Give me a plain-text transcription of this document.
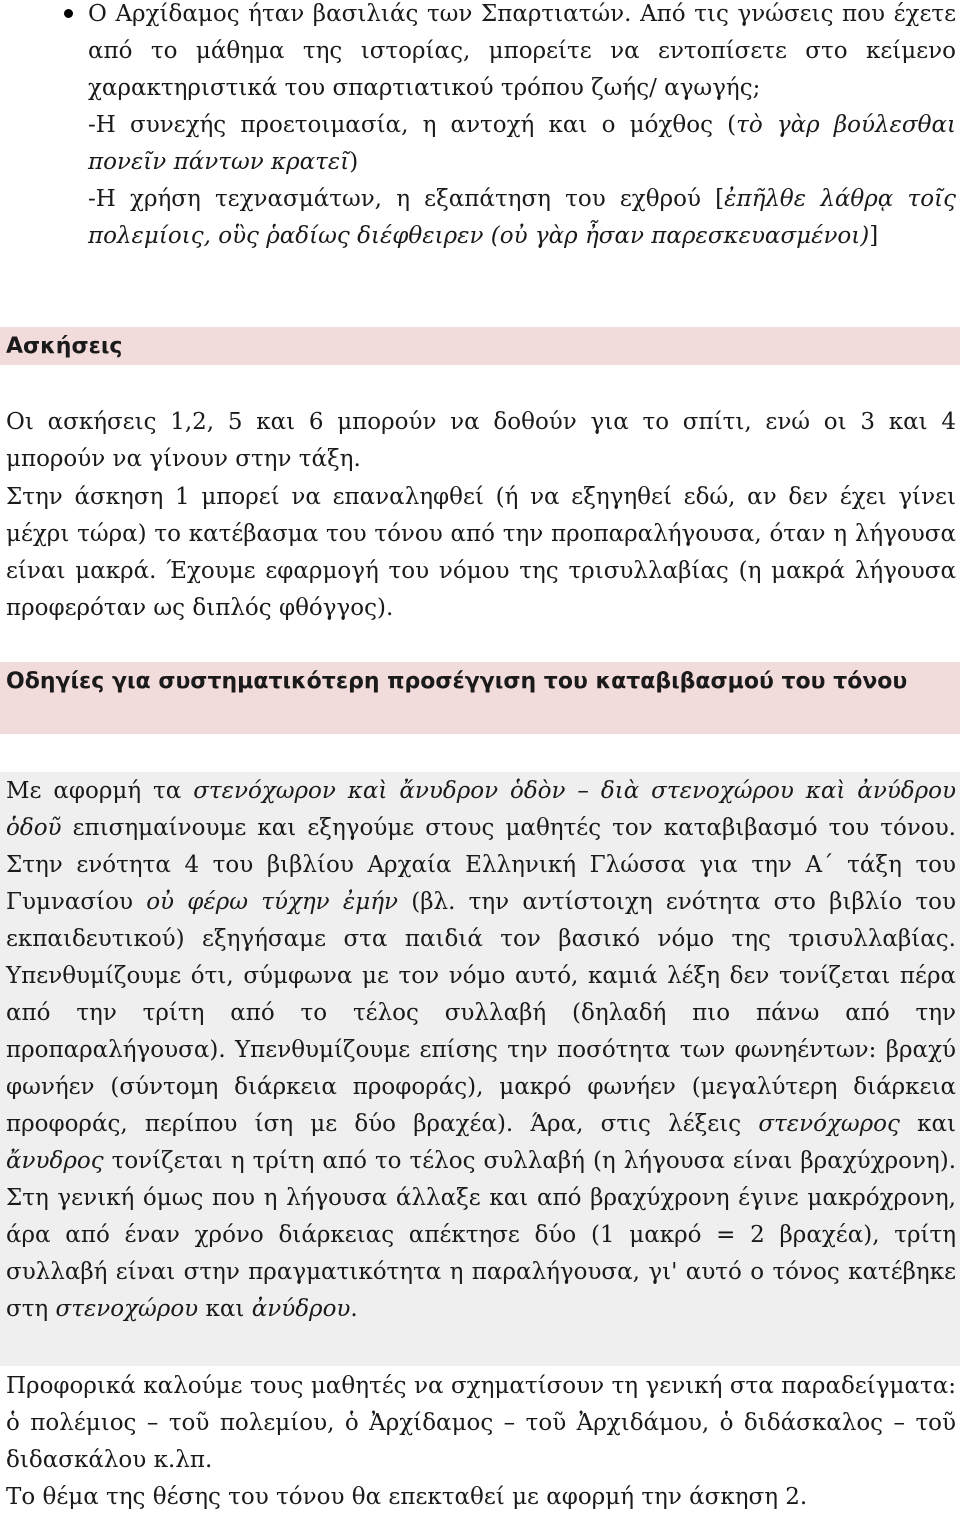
Ο Αρχίδαμος ήταν βασιλιάς των Σπαρτιατών. Από τις γνώσεις που έχετε από το μάθημα της ιστορίας, μπορείτε να εντοπίσετε στο κείμενο χαρακτηριστικά του σπαρτιατικού τρόπου ζωής/ αγωγής;

-Η συνεχής προετοιμασία, η αντοχή και ο μόχθος (τὸ γὰρ βούλεσθαι πονεῖν πάντων κρατεῖ)

-Η χρήση τεχνασμάτων, η εξαπάτηση του εχθρού [ἐπῆλθε λάθρᾳ τοῖς πολεμίοις, οὓς ῥαδίως διέφθειρεν (οὐ γὰρ ἦσαν παρεσκευασμένοι)]

Ασκήσεις

Οι ασκήσεις 1,2, 5 και 6 μπορούν να δοθούν για το σπίτι, ενώ οι 3 και 4 μπορούν να γίνουν στην τάξη.

Στην άσκηση 1 μπορεί να επαναληφθεί (ή να εξηγηθεί εδώ, αν δεν έχει γίνει μέχρι τώρα) το κατέβασμα του τόνου από την προπαραλήγουσα, όταν η λήγουσα είναι μακρά. Έχουμε εφαρμογή του νόμου της τρισυλλαβίας (η μακρά λήγουσα προφερόταν ως διπλός φθόγγος).

Οδηγίες για συστηματικότερη προσέγγιση του καταβιβασμού του τόνου

Με αφορμή τα στενόχωρον καὶ ἄνυδρον ὁδὸν – διὰ στενοχώρου καὶ ἀνύδρου ὁδοῦ επισημαίνουμε και εξηγούμε στους μαθητές τον καταβιβασμό του τόνου. Στην ενότητα 4 του βιβλίου Αρχαία Ελληνική Γλώσσα για την Α΄ τάξη του Γυμνασίου οὐ φέρω τύχην ἐμήν (βλ. την αντίστοιχη ενότητα στο βιβλίο του εκπαιδευτικού) εξηγήσαμε στα παιδιά τον βασικό νόμο της τρισυλλαβίας. Υπενθυμίζουμε ότι, σύμφωνα με τον νόμο αυτό, καμιά λέξη δεν τονίζεται πέρα από την τρίτη από το τέλος συλλαβή (δηλαδή πιο πάνω από την προπαραλήγουσα). Υπενθυμίζουμε επίσης την ποσότητα των φωνηέντων: βραχύ φωνήεν (σύντομη διάρκεια προφοράς), μακρό φωνήεν (μεγαλύτερη διάρκεια προφοράς, περίπου ίση με δύο βραχέα). Άρα, στις λέξεις στενόχωρος και ἄνυδρος τονίζεται η τρίτη από το τέλος συλλαβή (η λήγουσα είναι βραχύχρονη). Στη γενική όμως που η λήγουσα άλλαξε και από βραχύχρονη έγινε μακρόχρονη, άρα από έναν χρόνο διάρκειας απέκτησε δύο (1 μακρό = 2 βραχέα), τρίτη συλλαβή είναι στην πραγματικότητα η παραλήγουσα, γι' αυτό ο τόνος κατέβηκε στη στενοχώρου και ἀνύδρου.

Προφορικά καλούμε τους μαθητές να σχηματίσουν τη γενική στα παραδείγματα: ὁ πολέμιος – τοῦ πολεμίου, ὁ Ἀρχίδαμος – τοῦ Ἀρχιδάμου, ὁ διδάσκαλος – τοῦ διδασκάλου κ.λπ.

Το θέμα της θέσης του τόνου θα επεκταθεί με αφορμή την άσκηση 2.
